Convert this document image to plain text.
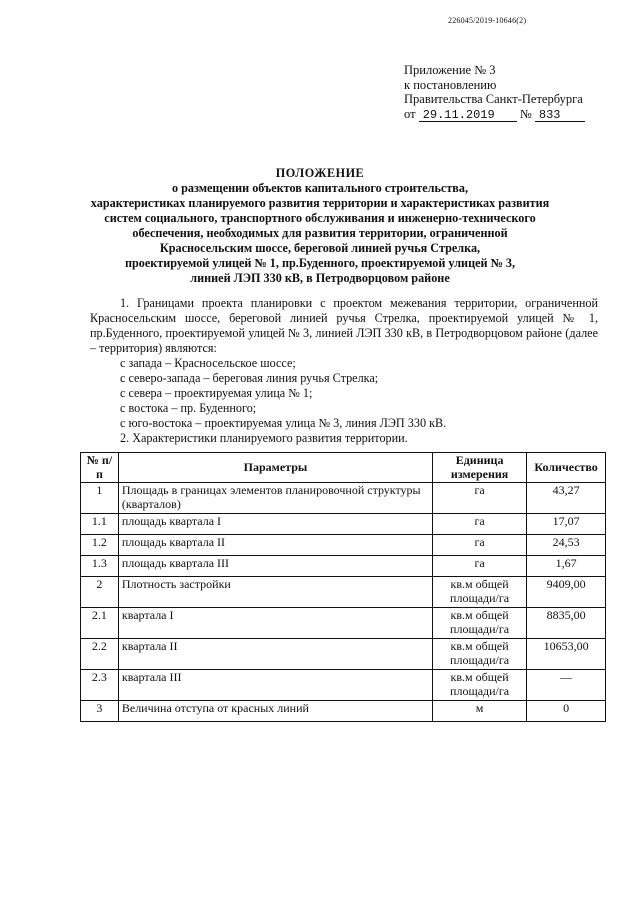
226045/2019-10646(2)
Приложение № 3
к постановлению
Правительства Санкт-Петербурга
от 29.11.2019 № 833
ПОЛОЖЕНИЕ
о размещении объектов капитального строительства,
характеристиках планируемого развития территории и характеристиках развития
систем социального, транспортного обслуживания и инженерно-технического
обеспечения, необходимых для развития территории, ограниченной
Красносельским шоссе, береговой линией ручья Стрелка,
проектируемой улицей № 1, пр.Буденного, проектируемой улицей № 3,
линией ЛЭП 330 кВ, в Петродворцовом районе

1. Границами проекта планировки с проектом межевания территории, ограниченной Красносельским шоссе, береговой линией ручья Стрелка, проектируемой улицей № 1, пр.Буденного, проектируемой улицей № 3, линией ЛЭП 330 кВ, в Петродворцовом районе (далее – территория) являются:

с запада – Красносельское шоссе;
с северо-запада – береговая линия ручья Стрелка;
с севера – проектируемая улица № 1;
с востока – пр. Буденного;
с юго-востока – проектируемая улица № 3, линия ЛЭП 330 кВ.
2. Характеристики планируемого развития территории.
№ п/п	Параметры	Единица измерения	Количество
1	Площадь в границах элементов планировочной структуры (кварталов)	га	43,27
1.1	площадь квартала I	га	17,07
1.2	площадь квартала II	га	24,53
1.3	площадь квартала III	га	1,67
2	Плотность застройки	кв.м общей площади/га	9409,00
2.1	квартала I	кв.м общей площади/га	8835,00
2.2	квартала II	кв.м общей площади/га	10653,00
2.3	квартала III	кв.м общей площади/га	—
3	Величина отступа от красных линий	м	0
